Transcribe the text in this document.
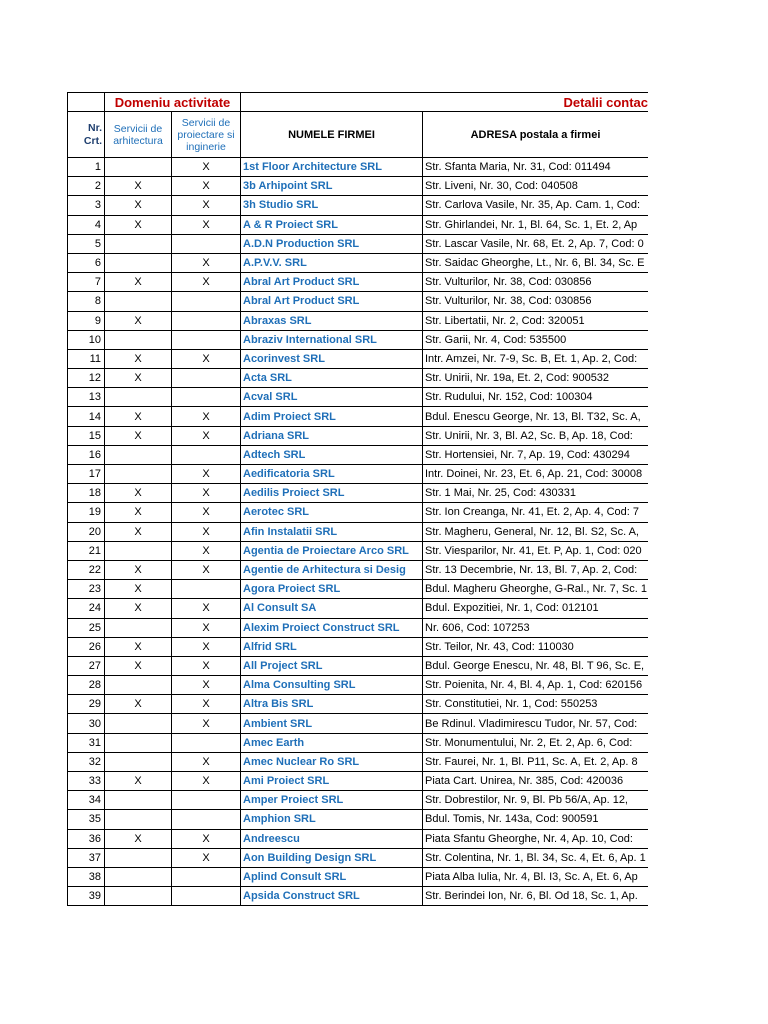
	Domeniu activitate		Detalii contac	

Nr.
Crt.	Servicii de arhitectura	Servicii de proiectare si inginerie	NUMELE FIRMEI	ADRESA postala a firmei
1		X	1st Floor Architecture SRL	Str. Sfanta Maria, Nr. 31, Cod: 011494
2	X	X	3b Arhipoint SRL	Str. Liveni, Nr. 30, Cod: 040508
3	X	X	3h Studio SRL	Str. Carlova Vasile, Nr. 35, Ap. Cam. 1, Cod:
4	X	X	A & R Proiect SRL	Str. Ghirlandei, Nr. 1, Bl. 64, Sc. 1, Et. 2, Ap
5			A.D.N Production SRL	Str. Lascar Vasile, Nr. 68, Et. 2, Ap. 7, Cod: 0
6		X	A.P.V.V. SRL	Str. Saidac Gheorghe, Lt., Nr. 6, Bl. 34, Sc. E
7	X	X	Abral Art Product SRL	Str. Vulturilor, Nr. 38, Cod: 030856
8			Abral Art Product SRL	Str. Vulturilor, Nr. 38, Cod: 030856
9	X		Abraxas SRL	Str. Libertatii, Nr. 2, Cod: 320051
10			Abraziv International SRL	Str. Garii, Nr. 4, Cod: 535500
11	X	X	Acorinvest SRL	Intr. Amzei, Nr. 7-9, Sc. B, Et. 1, Ap. 2, Cod:
12	X		Acta SRL	Str. Unirii, Nr. 19a, Et. 2, Cod: 900532
13			Acval SRL	Str. Rudului, Nr. 152, Cod: 100304
14	X	X	Adim Proiect SRL	Bdul. Enescu George, Nr. 13, Bl. T32, Sc. A,
15	X	X	Adriana SRL	Str. Unirii, Nr. 3, Bl. A2, Sc. B, Ap. 18, Cod:
16			Adtech SRL	Str. Hortensiei, Nr. 7, Ap. 19, Cod: 430294
17		X	Aedificatoria SRL	Intr. Doinei, Nr. 23, Et. 6, Ap. 21, Cod: 30008
18	X	X	Aedilis Proiect SRL	Str. 1 Mai, Nr. 25, Cod: 430331
19	X	X	Aerotec SRL	Str. Ion Creanga, Nr. 41, Et. 2, Ap. 4, Cod: 7
20	X	X	Afin Instalatii SRL	Str. Magheru, General, Nr. 12, Bl. S2, Sc. A,
21		X	Agentia de Proiectare Arco SRL	Str. Viesparilor, Nr. 41, Et. P, Ap. 1, Cod: 020
22	X	X	Agentie de Arhitectura si Desig	Str. 13 Decembrie, Nr. 13, Bl. 7, Ap. 2, Cod:
23	X		Agora Proiect SRL	Bdul. Magheru Gheorghe, G-Ral., Nr. 7, Sc. 1
24	X	X	Al Consult SA	Bdul. Expozitiei, Nr. 1, Cod: 012101
25		X	Alexim Proiect Construct SRL	Nr. 606, Cod: 107253
26	X	X	Alfrid SRL	Str. Teilor, Nr. 43, Cod: 110030
27	X	X	All Project SRL	Bdul. George Enescu, Nr. 48, Bl. T 96, Sc. E,
28		X	Alma Consulting SRL	Str. Poienita, Nr. 4, Bl. 4, Ap. 1, Cod: 620156
29	X	X	Altra Bis SRL	Str. Constitutiei, Nr. 1, Cod: 550253
30		X	Ambient SRL	Be Rdinul. Vladimirescu Tudor, Nr. 57, Cod:
31			Amec Earth	Str. Monumentului, Nr. 2, Et. 2, Ap. 6, Cod:
32		X	Amec Nuclear Ro SRL	Str. Faurei, Nr. 1, Bl. P11, Sc. A, Et. 2, Ap. 8
33	X	X	Ami Proiect SRL	Piata Cart. Unirea, Nr. 385, Cod: 420036
34			Amper Proiect SRL	Str. Dobrestilor, Nr. 9, Bl. Pb 56/A, Ap. 12,
35			Amphion SRL	Bdul. Tomis, Nr. 143a, Cod: 900591
36	X	X	Andreescu	Piata Sfantu Gheorghe, Nr. 4, Ap. 10, Cod:
37		X	Aon Building Design SRL	Str. Colentina, Nr. 1, Bl. 34, Sc. 4, Et. 6, Ap. 1
38			Aplind Consult SRL	Piata Alba Iulia, Nr. 4, Bl. I3, Sc. A, Et. 6, Ap
39			Apsida Construct SRL	Str. Berindei Ion, Nr. 6, Bl. Od 18, Sc. 1, Ap.
